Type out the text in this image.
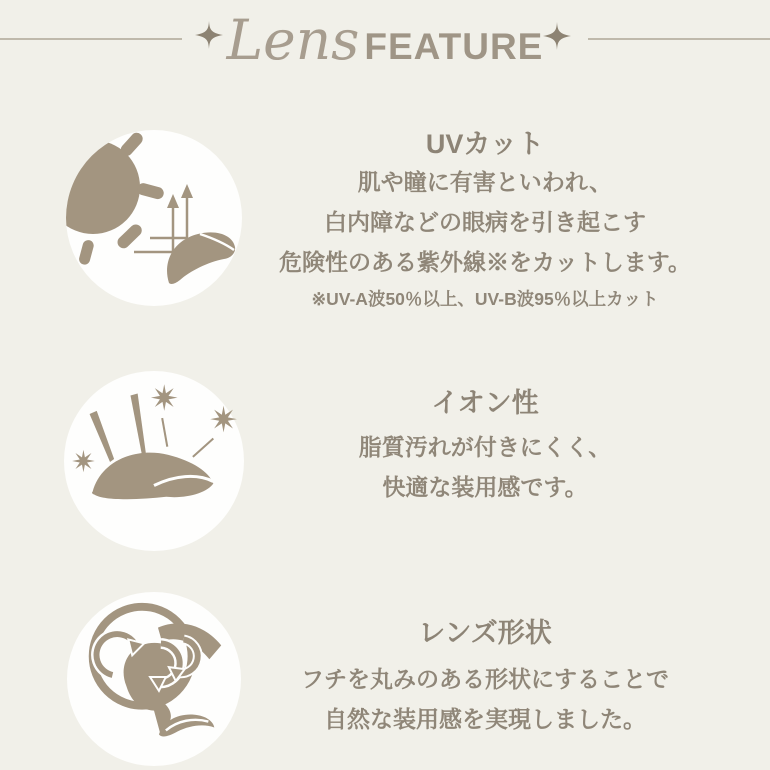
Lens FEATURE
UVカット

肌や瞳に有害といわれ、

白内障などの眼病を引き起こす

危険性のある紫外線※をカットします。

※UV-A波50％以上、UV-B波95％以上カット

イオン性

脂質汚れが付きにくく、

快適な装用感です。

レンズ形状

フチを丸みのある形状にすることで

自然な装用感を実現しました。
